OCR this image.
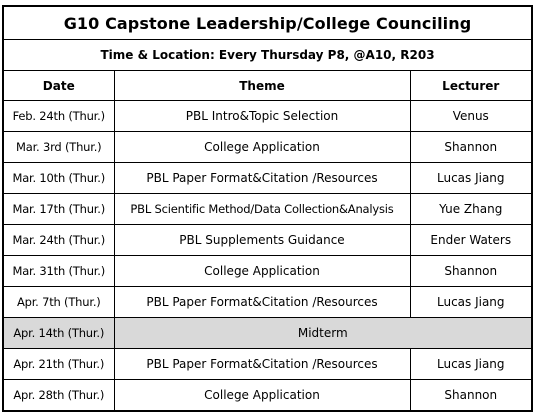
G10 Capstone Leadership/College Counciling		
Time & Location: Every Thursday P8, @A10, R203		
Date	Theme	Lecturer
Feb. 24th (Thur.)	PBL Intro&Topic Selection	Venus
Mar. 3rd (Thur.)	College Application	Shannon
Mar. 10th (Thur.)	PBL Paper Format&Citation /Resources	Lucas Jiang
Mar. 17th (Thur.)	PBL Scientific Method/Data Collection&Analysis	Yue Zhang
Mar. 24th (Thur.)	PBL Supplements Guidance	Ender Waters
Mar. 31th (Thur.)	College Application	Shannon
Apr. 7th (Thur.)	PBL Paper Format&Citation /Resources	Lucas Jiang
Apr. 14th (Thur.)	Midterm	
Apr. 21th (Thur.)	PBL Paper Format&Citation /Resources	Lucas Jiang
Apr. 28th (Thur.)	College Application	Shannon
